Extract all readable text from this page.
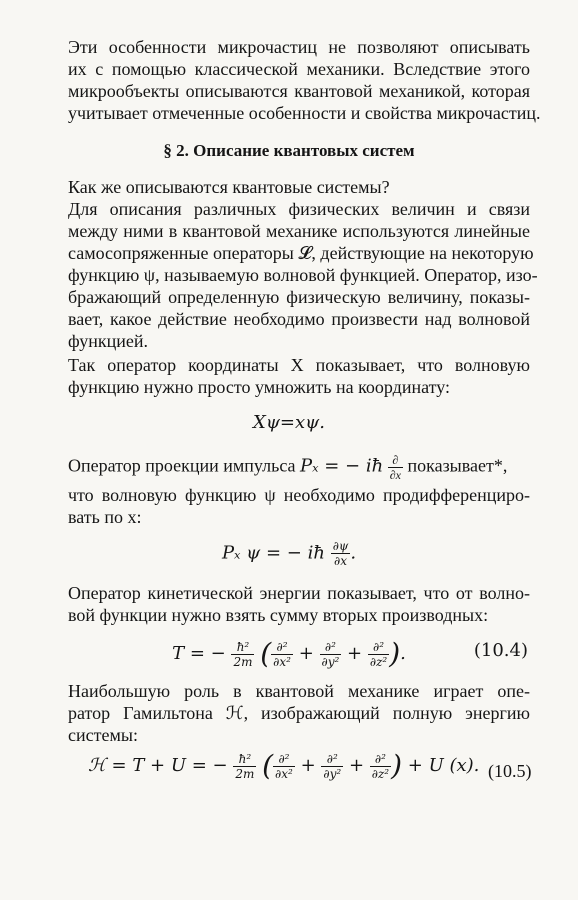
Эти особенности микрочастиц не позволяют описывать

их с помощью классической механики. Вследствие этого

микрообъекты описываются квантовой механикой, которая

учитывает отмеченные особенности и свойства микрочастиц.

§ 2. Описание квантовых систем

Как же описываются квантовые системы?

Для описания различных физических величин и связи

между ними в квантовой механике используются линейные

самосопряженные операторы 𝓛, действующие на некоторую

функцию ψ, называемую волновой функцией. Оператор, изо-

бражающий определенную физическую величину, показы-

вает, какое действие необходимо произвести над волновой

функцией.

Так оператор координаты X показывает, что волновую

функцию нужно просто умножить на координату:

Xψ=xψ.

Оператор проекции импульса Pₓ = − iħ $\frac{\partial}{\partial x}$ показывает*,

что волновую функцию ψ необходимо продифференциро-

вать по x:

Pₓ ψ = − iħ $\frac{\partial\psi}{\partial x}$ .

Оператор кинетической энергии показывает, что от волно-

вой функции нужно взять сумму вторых производных:

T = − $\frac{\text{ħ²}}{2m}$ ( $\frac{\text{∂²}}{\text{∂x²}} + \frac{\text{∂²}}{\text{∂y²}} + \frac{\text{∂²}}{\text{∂z²}}$ ).	(10.4)

Наибольшую роль в квантовой механике играет опе-

ратор Гамильтона ℋ, изображающий полную энергию

системы:

ℋ = T + U = − $\frac{\text{ħ²}}{2m}$ ( $\frac{\text{∂²}}{\text{∂x²}} + \frac{\text{∂²}}{\text{∂y²}} + \frac{\text{∂²}}{\text{∂z²}}$ ) + U (x). (10.5)
